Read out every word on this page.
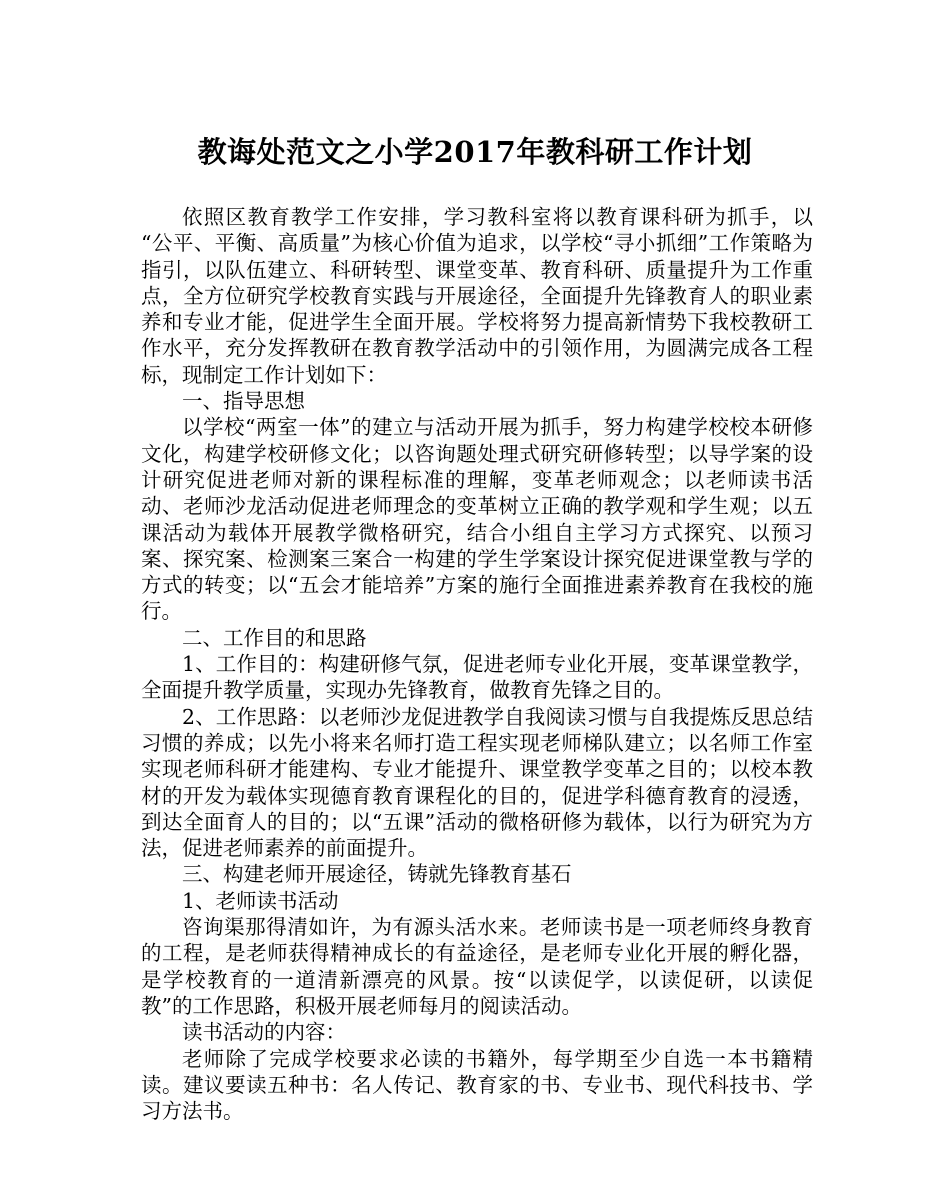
教诲处范文之小学2017年教科研工作计划

依照区教育教学工作安排，学习教科室将以教育课科研为抓手，以 “公平、平衡、高质量”为核心价值为追求，以学校“寻小抓细”工作策略为指引，以队伍建立、科研转型、课堂变革、教育科研、质量提升为工作重点，全方位研究学校教育实践与开展途径，全面提升先锋教育人的职业素养和专业才能，促进学生全面开展。学校将努力提高新情势下我校教研工作水平，充分发挥教研在教育教学活动中的引领作用，为圆满完成各工程标，现制定工作计划如下：

一、指导思想

以学校“两室一体”的建立与活动开展为抓手，努力构建学校校本研修文化，构建学校研修文化；以咨询题处理式研究研修转型；以导学案的设计研究促进老师对新的课程标准的理解，变革老师观念；以老师读书活动、老师沙龙活动促进老师理念的变革树立正确的教学观和学生观；以五课活动为载体开展教学微格研究，结合小组自主学习方式探究、以预习案、探究案、检测案三案合一构建的学生学案设计探究促进课堂教与学的方式的转变；以“五会才能培养”方案的施行全面推进素养教育在我校的施行。

二、工作目的和思路

1、工作目的：构建研修气氛，促进老师专业化开展，变革课堂教学，全面提升教学质量，实现办先锋教育，做教育先锋之目的。

2、工作思路：以老师沙龙促进教学自我阅读习惯与自我提炼反思总结习惯的养成；以先小将来名师打造工程实现老师梯队建立；以名师工作室实现老师科研才能建构、专业才能提升、课堂教学变革之目的；以校本教材的开发为载体实现德育教育课程化的目的，促进学科德育教育的浸透，到达全面育人的目的；以“五课”活动的微格研修为载体，以行为研究为方法，促进老师素养的前面提升。

三、构建老师开展途径，铸就先锋教育基石

1、老师读书活动

咨询渠那得清如许，为有源头活水来。老师读书是一项老师终身教育的工程，是老师获得精神成长的有益途径，是老师专业化开展的孵化器，是学校教育的一道清新漂亮的风景。按“以读促学，以读促研，以读促教”的工作思路，积极开展老师每月的阅读活动。

读书活动的内容：

老师除了完成学校要求必读的书籍外，每学期至少自选一本书籍精读。建议要读五种书：名人传记、教育家的书、专业书、现代科技书、学习方法书。
